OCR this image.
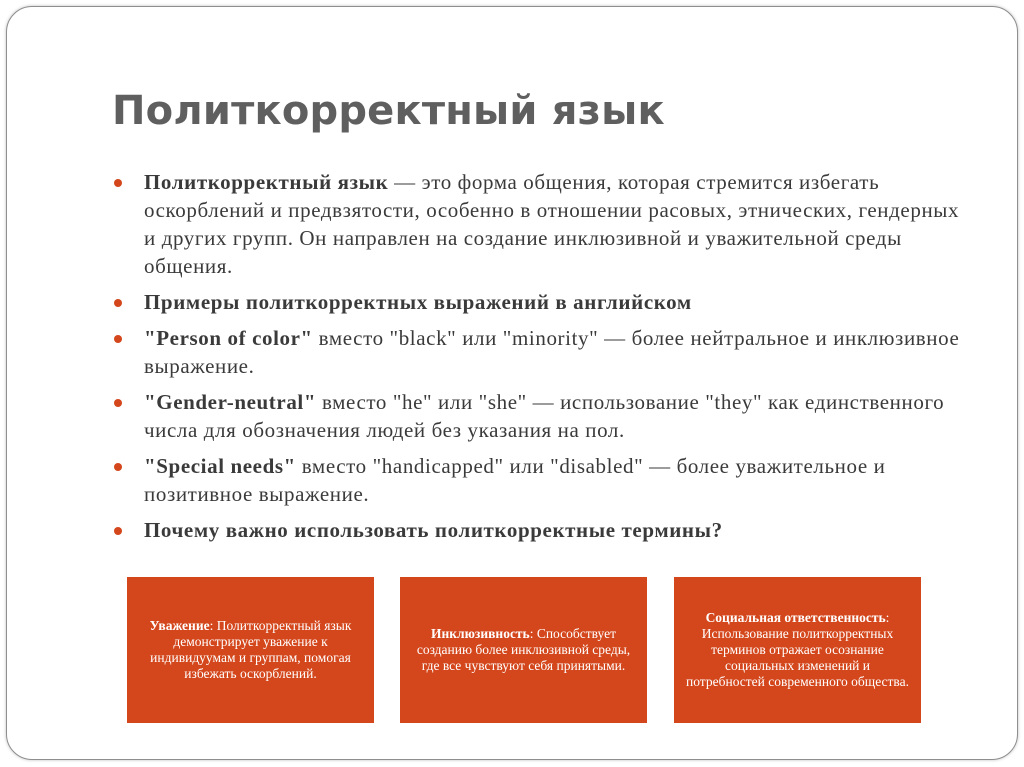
Политкорректный язык
Политкорректный язык — это форма общения, которая стремится избегать оскорблений и предвзятости, особенно в отношении расовых, этнических, гендерных и других групп. Он направлен на создание инклюзивной и уважительной среды общения.
Примеры политкорректных выражений в английском
"Person of color" вместо "black" или "minority" — более нейтральное и инклюзивное выражение.
"Gender-neutral" вместо "he" или "she" — использование "they" как единственного числа для обозначения людей без указания на пол.
"Special needs" вместо "handicapped" или "disabled" — более уважительное и позитивное выражение.
Почему важно использовать политкорректные термины?
Уважение: Политкорректный язык демонстрирует уважение к индивидуумам и группам, помогая избежать оскорблений.
Инклюзивность: Способствует созданию более инклюзивной среды, где все чувствуют себя принятыми.
Социальная ответственность: Использование политкорректных терминов отражает осознание социальных изменений и потребностей современного общества.
